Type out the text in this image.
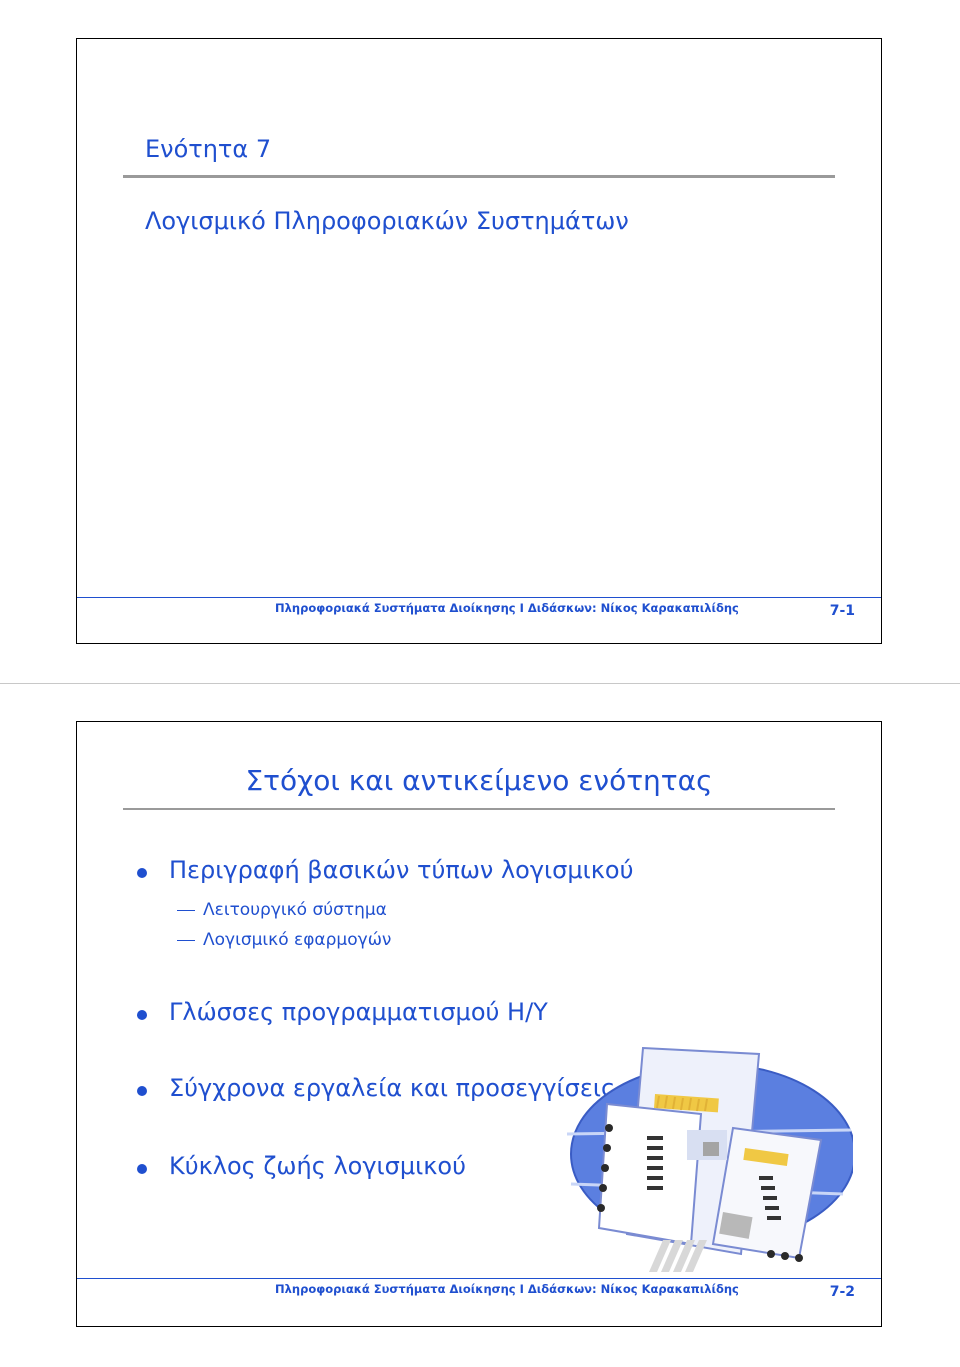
Ενότητα 7
Λογισμικό Πληροφοριακών Συστημάτων
Πληροφοριακά Συστήματα Διοίκησης Ι Διδάσκων: Νίκος Καρακαπιλίδης	7-1
Στόχοι και αντικείμενο ενότητας
Περιγραφή βασικών τύπων λογισμικού
Λειτουργικό σύστημα
Λογισμικό εφαρμογών
Γλώσσες προγραμματισμού Η/Υ
Σύγχρονα εργαλεία και προσεγγίσεις
Κύκλος ζωής λογισμικού
Πληροφοριακά Συστήματα Διοίκησης Ι Διδάσκων: Νίκος Καρακαπιλίδης	7-2
